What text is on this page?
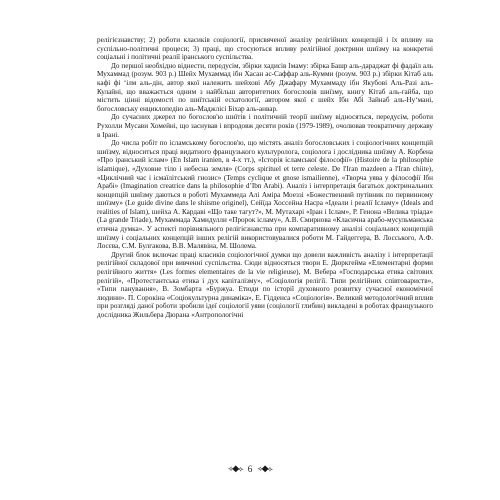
релігієзнавству; 2) роботи класиків соціології, присвяченої аналізу релігійних концепцій і їх впливу на суспільно-політичні процеси; 3) праці, що стосуються впливу релігійної доктрини шиїзму на конкретні соціальні і політичні реалії іранського суспільства.

До першої необхідно віднести, передусім, збірки хадисів Імаму: збірка Башр аль-дараджат фі фадаїл аль Мухаммад (розум. 903 р.) Шейх Мухаммад ібн Хасан ас-Саффар аль-Кумми (розум. 903 р.) збірки Кітаб аль кафі фі ʻілм аль-дін, автор якої належить шейхові Абу Джафару Мухаммаду ібн Якубові Аль-Разі аль-Кулайні, що вважається одним з найбільш авторитетних богословів шиїзму, книгу Кітаб аль-гайба, що містить цінні відомості по шиїтській есхатології, автором якої є шейх Ібн Абі Зайнаб аль-Нуʻмані, богословську енциклопедію аль-Маджлісі Біхар аль-анвар.

До сучасних джерел по богослов'ю шиїтів і політичній теорії шиїзму відносяться, передусім, роботи Рухолли Мусави Хомейні, що заснував і впродовж десяти років (1979-1989), очолював теократичну державу в Ірані.

До числа робіт по ісламському богослов'ю, що містять аналіз богословських і соціологічних концепцій шиїзму, відноситься праці видатного французького культуролога, соціолога і дослідника шиїзму А. Корбена «Про іранський іслам» (En Islam iranien, в 4-х тт.), «Історія ісламської філософії» (Histoire de la philosophie islamique), «Духовне тіло і небесна земля» (Corps spirituel et terre celeste. De l'Iran mazdeen a l'Iran chiite), «Циклічний час і ісмаїлітський гнозис» (Temps cyclique et gnose ismailienne), «Творча уява у філософії Ібн Арабі» (Imagination creatrice dans la philosophie dʼIbn Arabi). Аналіз і інтерпретація багатьох доктринальних концепцій шиїзму даються в роботі Мухаммеда Алі Аміра Моеззі «Божественний путівник по первинному шиїзму» (Le guide divine dans le shiisme originel), Сейїда Хоссейна Насра «Ідеали і реалії Ісламу» (Ideals and realities of Islam), шейха А. Кардаві «Що таке тагут?», М. Мутахарі «Іран і Іслам», Р. Генона «Велика тріада» (La grande Triade), Мухаммада Хамидулли «Пророк ісламу», А.В. Смирнова «Класична арабо-мусульманська етична думка». У аспекті порівняльного релігієзнавства при компаративному аналізі соціальних концепцій шиїзму і соціальних концепцій інших релігій використовувалися роботи М. Гайдеггера, В. Лосського, А.Ф. Лосєва, С.М. Булгакова, В.В. Малявіна, М. Шолема.

Другий блок включає праці класиків соціологічної думки що довели важливість аналізу і інтерпретації релігійної складової при вивченні суспільства. Сюди відносяться твори Е. Дюркгейма «Елементарні форми релігійного життя» (Les formes elementaires de la vie religieuse), М. Вебера «Господарська етика світових релігій», «Протестантська етика і дух капіталізму», «Соціологія релігії. Типи релігійних співтовариств», «Типи панування», В. Зомбарта «Буржуа. Етюди по історії духовного розвитку сучасної економічної людини». П. Сорокіна «Соціокультурна динаміка», Е. Гідденса «Соціологія». Великий методологічний вплив при розгляді даної роботи зробили ідеї соціології уяви (соціології глибин) викладені в роботах французького дослідника Жильбера Дюрана «Антропологічні

⟢◆⟣ 6 ⟢◆⟣
